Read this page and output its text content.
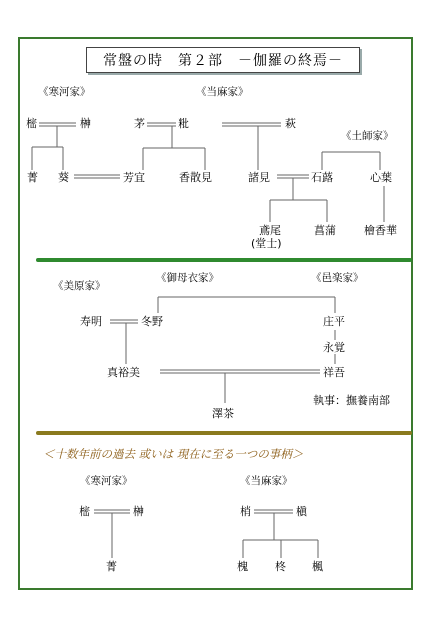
常盤の時　第２部　－伽羅の終焉－
《寒河家》	《当麻家》
《土師家》
樒	榊	茅	粃	萩
菁 葵	芳宜	香散見	諸見	石蕗	心葉
鳶尾
(堂士)
菖蒲	檜香華
《美原家》
《御母衣家》	《邑楽家》
寿明	冬野	庄平
永覚
真裕美	祥吾
澤茶
執事：撫養南部
＜十数年前の過去 或いは 現在に至る一つの事柄＞
《寒河家》	《当麻家》
樒	榊
菁
梢	槇
槐 柊 楓
